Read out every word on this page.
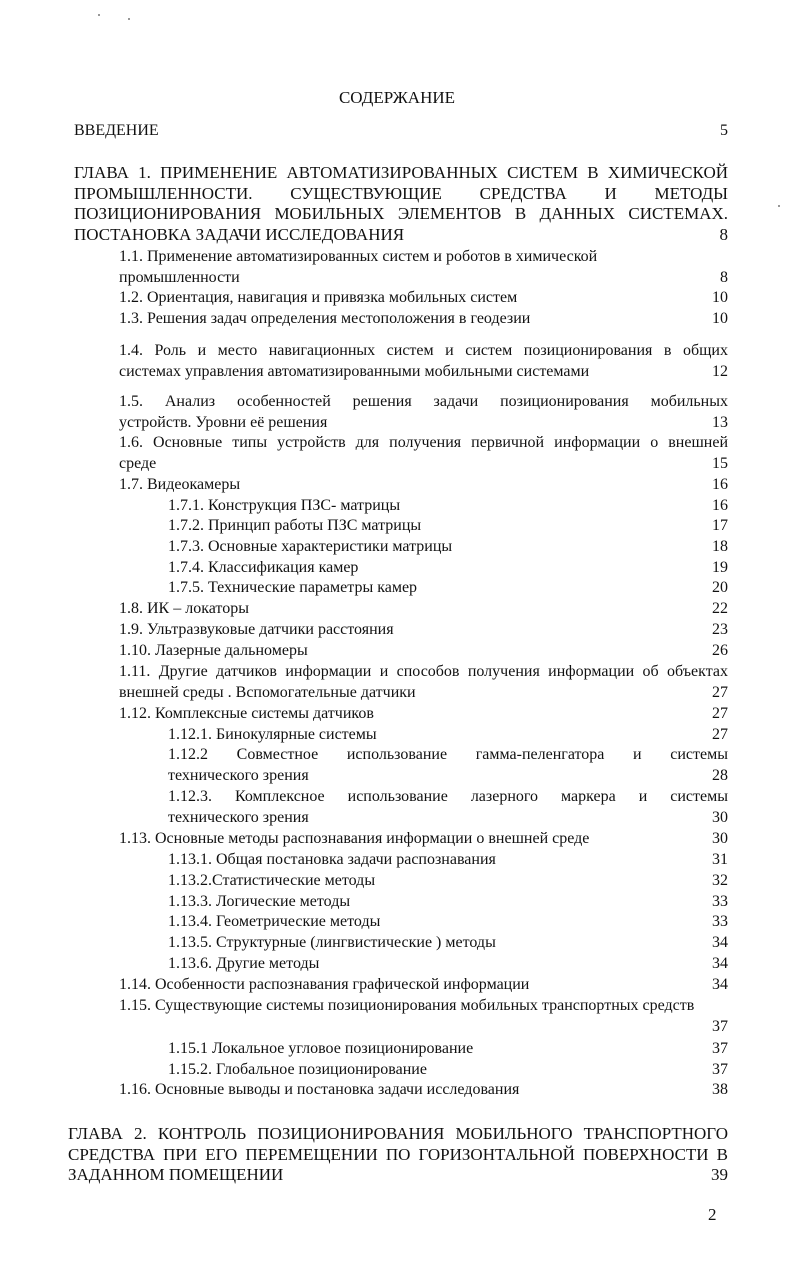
СОДЕРЖАНИЕ
ВВЕДЕНИЕ	5
ГЛАВА 1. ПРИМЕНЕНИЕ АВТОМАТИЗИРОВАННЫХ СИСТЕМ В ХИМИЧЕСКОЙ
ПРОМЫШЛЕННОСТИ. СУЩЕСТВУЮЩИЕ СРЕДСТВА И МЕТОДЫ
ПОЗИЦИОНИРОВАНИЯ МОБИЛЬНЫХ ЭЛЕМЕНТОВ В ДАННЫХ СИСТЕМАХ.
ПОСТАНОВКА ЗАДАЧИ ИССЛЕДОВАНИЯ	8
1.1. Применение автоматизированных систем и роботов в химической
промышленности	8
1.2. Ориентация, навигация и привязка мобильных систем	10
1.3. Решения задач определения местоположения в геодезии	10
1.4. Роль и место навигационных систем и систем позиционирования в общих
системах управления автоматизированными мобильными системами	12
1.5. Анализ особенностей решения задачи позиционирования мобильных
устройств. Уровни её решения	13
1.6. Основные типы устройств для получения первичной информации о внешней
среде	15
1.7. Видеокамеры	16
1.7.1. Конструкция ПЗС- матрицы	16
1.7.2. Принцип работы ПЗС матрицы	17
1.7.3. Основные характеристики матрицы	18
1.7.4. Классификация камер	19
1.7.5. Технические параметры камер	20
1.8. ИК – локаторы	22
1.9. Ультразвуковые датчики расстояния	23
1.10. Лазерные дальномеры	26
1.11. Другие датчиков информации и способов получения информации об объектах
внешней среды . Вспомогательные датчики	27
1.12. Комплексные системы датчиков	27
1.12.1. Бинокулярные системы	27
1.12.2 Совместное использование гамма-пеленгатора и системы
технического зрения	28
1.12.3. Комплексное использование лазерного маркера и системы
технического зрения	30
1.13. Основные методы распознавания информации о внешней среде	30
1.13.1. Общая постановка задачи распознавания	31
1.13.2.Статистические методы	32
1.13.3. Логические методы	33
1.13.4. Геометрические методы	33
1.13.5. Структурные (лингвистические ) методы	34
1.13.6. Другие методы	34
1.14. Особенности распознавания графической информации	34
1.15. Существующие системы позиционирования мобильных транспортных средств
37
1.15.1 Локальное угловое позиционирование	37
1.15.2. Глобальное позиционирование	37
1.16. Основные выводы и постановка задачи исследования	38
ГЛАВА 2. КОНТРОЛЬ ПОЗИЦИОНИРОВАНИЯ МОБИЛЬНОГО ТРАНСПОРТНОГО
СРЕДСТВА ПРИ ЕГО ПЕРЕМЕЩЕНИИ ПО ГОРИЗОНТАЛЬНОЙ ПОВЕРХНОСТИ В
ЗАДАННОМ ПОМЕЩЕНИИ	39
2
